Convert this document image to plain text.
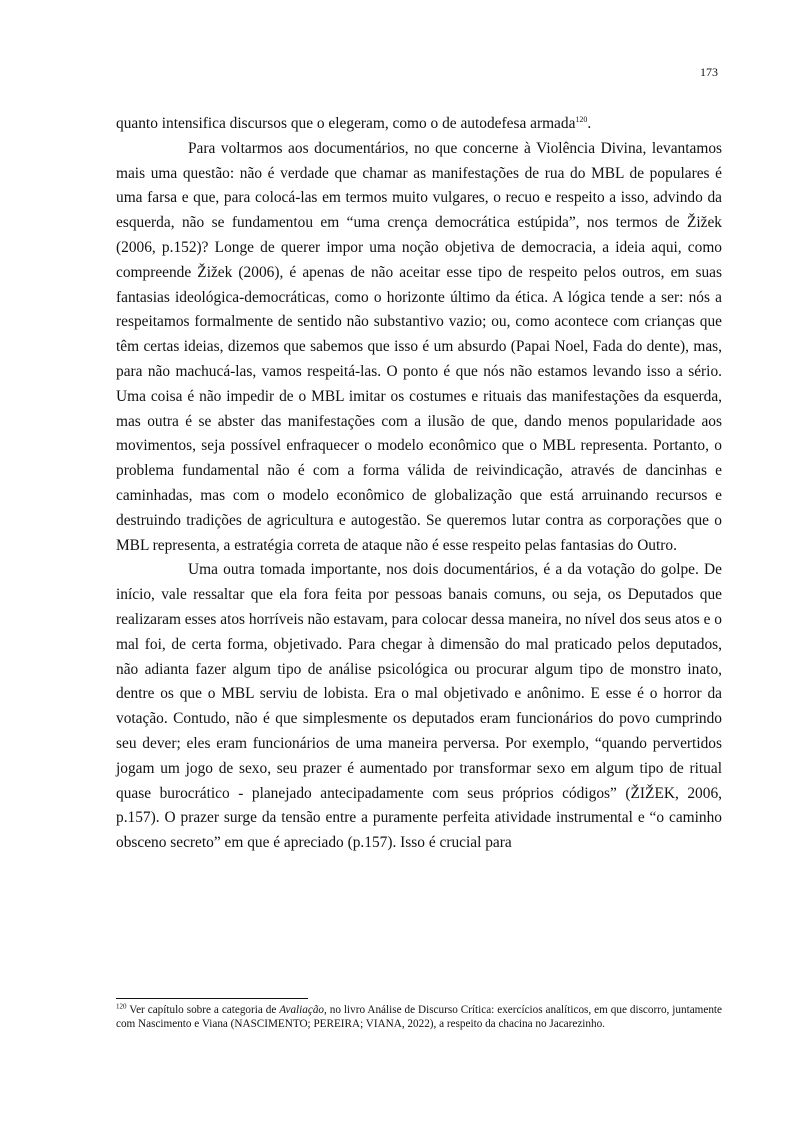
173

quanto intensifica discursos que o elegeram, como o de autodefesa armada$^{120}$.

Para voltarmos aos documentários, no que concerne à Violência Divina, levantamos mais uma questão: não é verdade que chamar as manifestações de rua do MBL de populares é uma farsa e que, para colocá-las em termos muito vulgares, o recuo e respeito a isso, advindo da esquerda, não se fundamentou em “uma crença democrática estúpida”, nos termos de Žižek (2006, p.152)? Longe de querer impor uma noção objetiva de democracia, a ideia aqui, como compreende Žižek (2006), é apenas de não aceitar esse tipo de respeito pelos outros, em suas fantasias ideológica-democráticas, como o horizonte último da ética. A lógica tende a ser: nós a respeitamos formalmente de sentido não substantivo vazio; ou, como acontece com crianças que têm certas ideias, dizemos que sabemos que isso é um absurdo (Papai Noel, Fada do dente), mas, para não machucá-las, vamos respeitá-las. O ponto é que nós não estamos levando isso a sério. Uma coisa é não impedir de o MBL imitar os costumes e rituais das manifestações da esquerda, mas outra é se abster das manifestações com a ilusão de que, dando menos popularidade aos movimentos, seja possível enfraquecer o modelo econômico que o MBL representa. Portanto, o problema fundamental não é com a forma válida de reivindicação, através de dancinhas e caminhadas, mas com o modelo econômico de globalização que está arruinando recursos e destruindo tradições de agricultura e autogestão. Se queremos lutar contra as corporações que o MBL representa, a estratégia correta de ataque não é esse respeito pelas fantasias do Outro.

Uma outra tomada importante, nos dois documentários, é a da votação do golpe. De início, vale ressaltar que ela fora feita por pessoas banais comuns, ou seja, os Deputados que realizaram esses atos horríveis não estavam, para colocar dessa maneira, no nível dos seus atos e o mal foi, de certa forma, objetivado. Para chegar à dimensão do mal praticado pelos deputados, não adianta fazer algum tipo de análise psicológica ou procurar algum tipo de monstro inato, dentre os que o MBL serviu de lobista. Era o mal objetivado e anônimo. E esse é o horror da votação. Contudo, não é que simplesmente os deputados eram funcionários do povo cumprindo seu dever; eles eram funcionários de uma maneira perversa. Por exemplo, “quando pervertidos jogam um jogo de sexo, seu prazer é aumentado por transformar sexo em algum tipo de ritual quase burocrático - planejado antecipadamente com seus próprios códigos” (ŽIŽEK, 2006, p.157). O prazer surge da tensão entre a puramente perfeita atividade instrumental e “o caminho obsceno secreto” em que é apreciado (p.157). Isso é crucial para

$^{120}$ Ver capítulo sobre a categoria de Avaliação, no livro Análise de Discurso Crítica: exercícios analíticos, em que discorro, juntamente com Nascimento e Viana (NASCIMENTO; PEREIRA; VIANA, 2022), a respeito da chacina no Jacarezinho.
